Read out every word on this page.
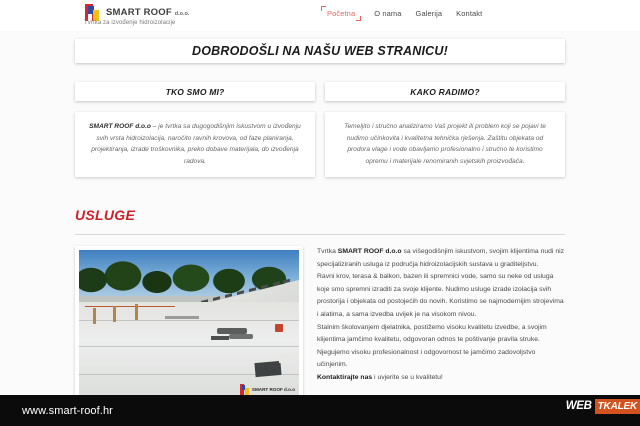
SMART ROOF d.o.o.
Tvrtka za izvođenje hidroizolacije
Početna	O nama Galerija Kontakt
DOBRODOŠLI NA NAŠU WEB STRANICU!
TKO SMO MI?
SMART ROOF d.o.o – je tvrtka sa dugogodišnjim iskustvom u izvođenju svih vrsta hidroizolacija, naročito ravnih krovova, od faze planiranja, projektiranja, izrade troškovnika, preko dobave materijala, do izvođenja radova.
KAKO RADIMO?
Temeljito i stručno analiziramo Vaš projekt ili problem koji se pojavi te nudimo učinkovita i kvalitetna tehnička rješenja. Zaštitu objekata od prodora vlage i vode obavljamo profesionalno i stručno te koristimo opremu i materijale renomiranih svjetskih proizvođača.
USLUGE
SMART ROOF d.o.o

Tvrtka SMART ROOF d.o.o sa višegodišnjim iskustvom, svojim klijentima nudi niz specijaliziranih usluga iz područja hidroizolacijskih sustava u graditeljstvu.

Ravni krov, terasa & balkon, bazen ili spremnici vode, samo su neke od usluga koje smo spremni izraditi za svoje klijente. Nudimo usluge izrade izolacija svih prostorija i objekata od postojećih do novih. Koristimo se najmodernijim strojevima i alatima, a sama izvedba uvijek je na visokom nivou.

Stalnim školovanjem djelatnika, postižemo visoku kvalitetu izvedbe, a svojim klijentima jamčimo kvalitetu, odgovoran odnos te poštivanje pravila struke. Njegujemo visoku profesionalnost i odgovornost te jamčimo zadovoljstvo učinjenim.

Kontaktirajte nas i uvjerite se u kvalitetu!

www.smart-roof.hr	WEB TKALEK
